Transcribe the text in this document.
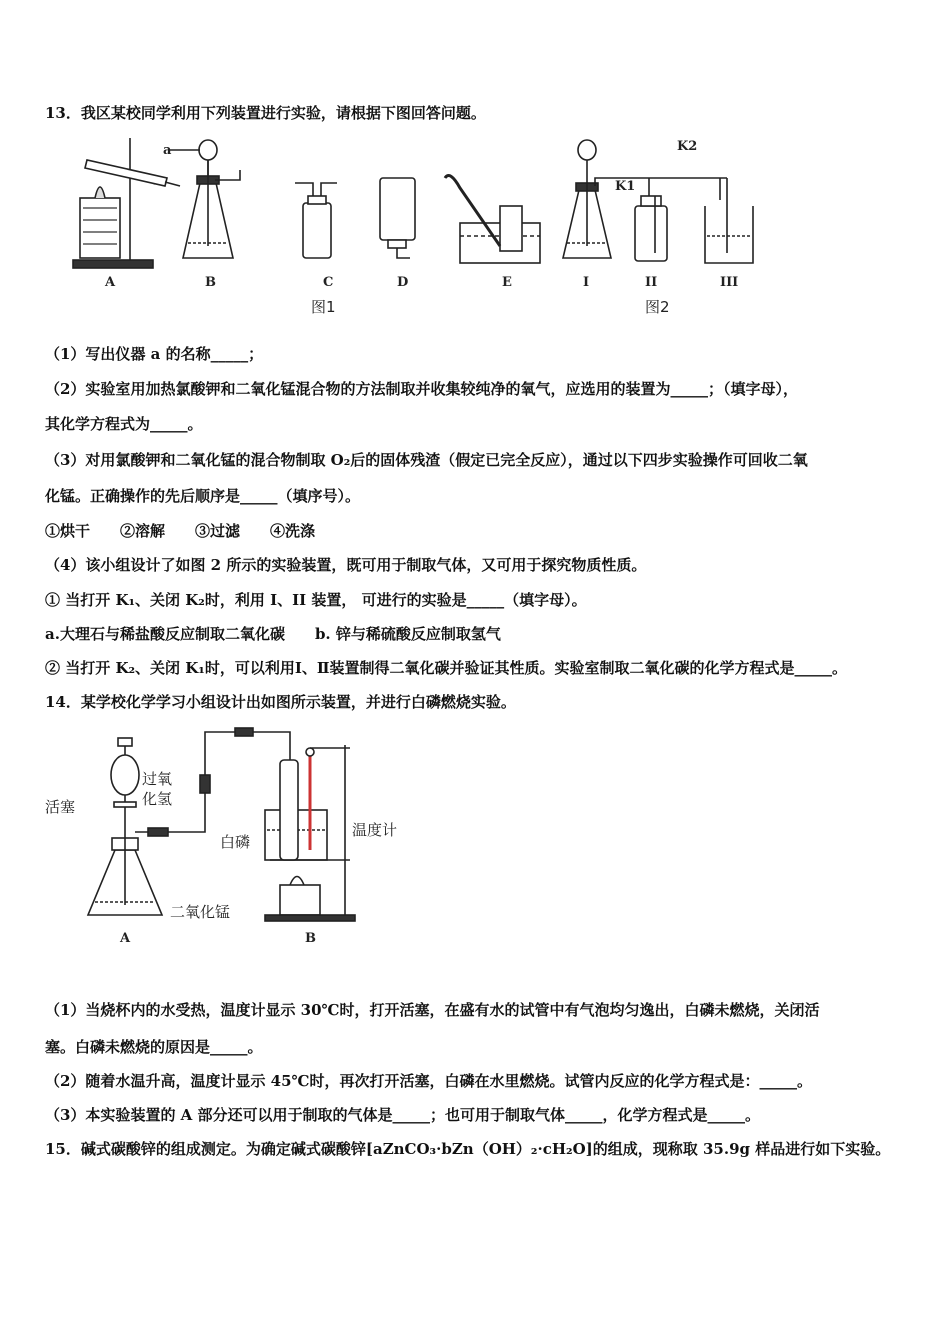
13．我区某校同学利用下列装置进行实验，请根据下图回答问题。
a
K1
K2
A	B	C	D	E	I	II	III
图1	图2
（1）写出仪器 a 的名称_____；
（2）实验室用加热氯酸钾和二氧化锰混合物的方法制取并收集较纯净的氧气，应选用的装置为_____；（填字母），
其化学方程式为_____。
（3）对用氯酸钾和二氧化锰的混合物制取 O₂后的固体残渣（假定已完全反应），通过以下四步实验操作可回收二氧
化锰。正确操作的先后顺序是_____（填序号）。
①烘干　　②溶解　　③过滤　　④洗涤
（4）该小组设计了如图 2 所示的实验装置，既可用于制取气体，又可用于探究物质性质。
① 当打开 K₁、关闭 K₂时，利用 I、II 装置， 可进行的实验是_____（填字母）。
a.大理石与稀盐酸反应制取二氧化碳　　b. 锌与稀硫酸反应制取氢气
② 当打开 K₂、关闭 K₁时，可以利用Ⅰ、Ⅱ装置制得二氧化碳并验证其性质。实验室制取二氧化碳的化学方程式是_____。
14．某学校化学学习小组设计出如图所示装置，并进行白磷燃烧实验。
过氧
化氢
活塞
二氧化锰
白磷
温度计
A	B
（1）当烧杯内的水受热，温度计显示 30℃时，打开活塞，在盛有水的试管中有气泡均匀逸出，白磷未燃烧，关闭活
塞。白磷未燃烧的原因是_____。
（2）随着水温升高，温度计显示 45℃时，再次打开活塞，白磷在水里燃烧。试管内反应的化学方程式是：_____。
（3）本实验装置的 A 部分还可以用于制取的气体是_____；也可用于制取气体_____，化学方程式是_____。
15．碱式碳酸锌的组成测定。为确定碱式碳酸锌[aZnCO₃·bZn（OH）₂·cH₂O]的组成，现称取 35.9g 样品进行如下实验。
